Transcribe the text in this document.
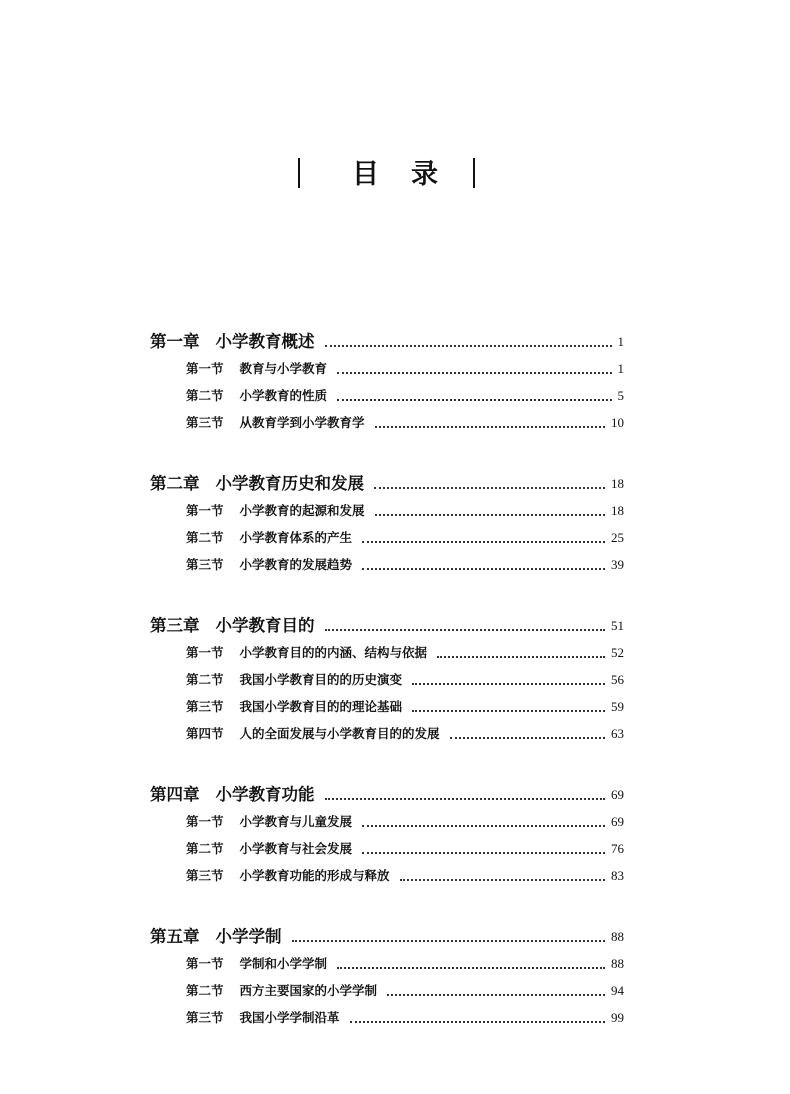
目录
第一章 小学教育概述	1
第一节 教育与小学教育	1
第二节 小学教育的性质	5
第三节 从教育学到小学教育学	10
第二章 小学教育历史和发展	18
第一节 小学教育的起源和发展	18
第二节 小学教育体系的产生	25
第三节 小学教育的发展趋势	39
第三章 小学教育目的	51
第一节 小学教育目的的内涵、结构与依据	52
第二节 我国小学教育目的的历史演变	56
第三节 我国小学教育目的的理论基础	59
第四节 人的全面发展与小学教育目的的发展	63
第四章 小学教育功能	69
第一节 小学教育与儿童发展	69
第二节 小学教育与社会发展	76
第三节 小学教育功能的形成与释放	83
第五章 小学学制	88
第一节 学制和小学学制	88
第二节 西方主要国家的小学学制	94
第三节 我国小学学制沿革	99
